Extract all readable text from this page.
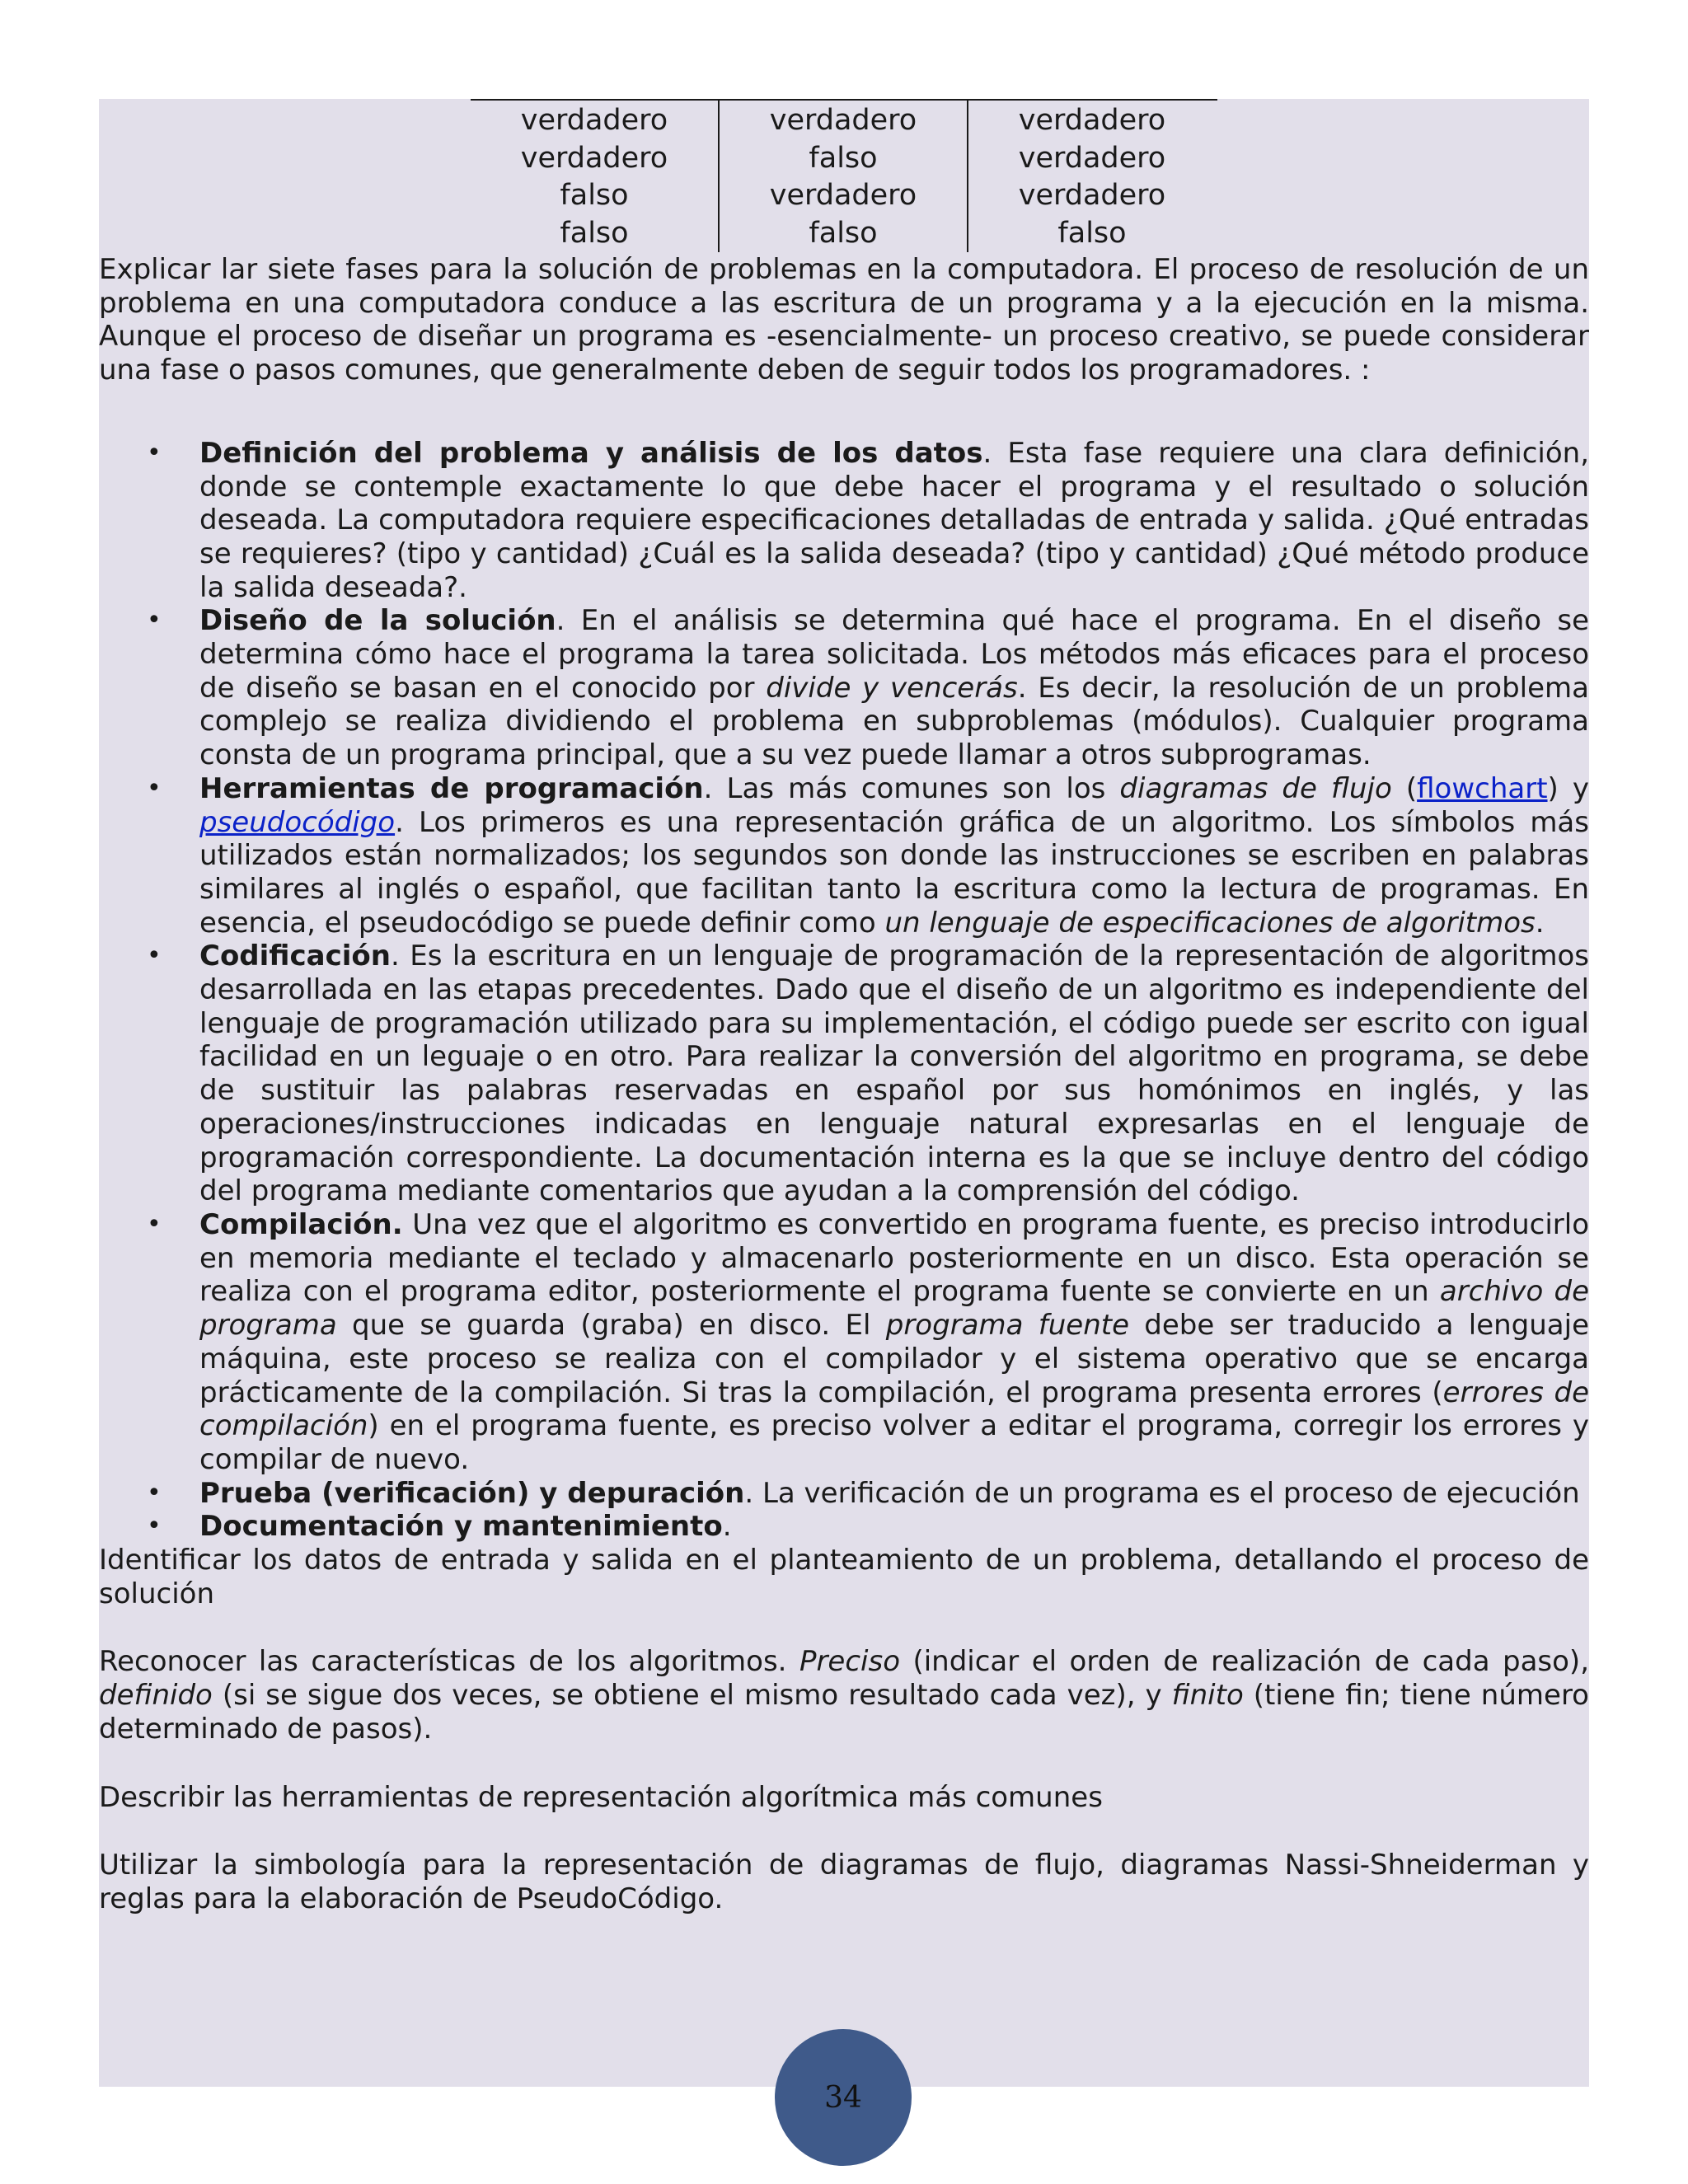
verdadero
verdadero
falso
falso
verdadero
falso
verdadero
falso
verdadero
verdadero
verdadero
falso

Explicar lar siete fases para la solución de problemas en la computadora. El proceso de resolución de un problema en una computadora conduce a las escritura de un programa y a la ejecución en la misma. Aunque el proceso de diseñar un programa es -esencialmente- un proceso creativo, se puede considerar una fase o pasos comunes, que generalmente deben de seguir todos los programadores. :

• Definición del problema y análisis de los datos. Esta fase requiere una clara definición, donde se contemple exactamente lo que debe hacer el programa y el resultado o solución deseada. La computadora requiere especificaciones detalladas de entrada y salida. ¿Qué entradas se requieres? (tipo y cantidad) ¿Cuál es la salida deseada? (tipo y cantidad) ¿Qué método produce la salida deseada?.
• Diseño de la solución. En el análisis se determina qué hace el programa. En el diseño se determina cómo hace el programa la tarea solicitada. Los métodos más eficaces para el proceso de diseño se basan en el conocido por divide y vencerás. Es decir, la resolución de un problema complejo se realiza dividiendo el problema en subproblemas (módulos). Cualquier programa consta de un programa principal, que a su vez puede llamar a otros subprogramas.
• Herramientas de programación. Las más comunes son los diagramas de flujo (flowchart) y pseudocódigo. Los primeros es una representación gráfica de un algoritmo. Los símbolos más utilizados están normalizados; los segundos son donde las instrucciones se escriben en palabras similares al inglés o español, que facilitan tanto la escritura como la lectura de programas. En esencia, el pseudocódigo se puede definir como un lenguaje de especificaciones de algoritmos.
• Codificación. Es la escritura en un lenguaje de programación de la representación de algoritmos desarrollada en las etapas precedentes. Dado que el diseño de un algoritmo es independiente del lenguaje de programación utilizado para su implementación, el código puede ser escrito con igual facilidad en un leguaje o en otro. Para realizar la conversión del algoritmo en programa, se debe de sustituir las palabras reservadas en español por sus homónimos en inglés, y las operaciones/instrucciones indicadas en lenguaje natural expresarlas en el lenguaje de programación correspondiente. La documentación interna es la que se incluye dentro del código del programa mediante comentarios que ayudan a la comprensión del código.
• Compilación. Una vez que el algoritmo es convertido en programa fuente, es preciso introducirlo en memoria mediante el teclado y almacenarlo posteriormente en un disco. Esta operación se realiza con el programa editor, posteriormente el programa fuente se convierte en un archivo de programa que se guarda (graba) en disco. El programa fuente debe ser traducido a lenguaje máquina, este proceso se realiza con el compilador y el sistema operativo que se encarga prácticamente de la compilación. Si tras la compilación, el programa presenta errores (errores de compilación) en el programa fuente, es preciso volver a editar el programa, corregir los errores y compilar de nuevo.
• Prueba (verificación) y depuración. La verificación de un programa es el proceso de ejecución
• Documentación y mantenimiento.

Identificar los datos de entrada y salida en el planteamiento de un problema, detallando el proceso de solución

Reconocer las características de los algoritmos. Preciso (indicar el orden de realización de cada paso), definido (si se sigue dos veces, se obtiene el mismo resultado cada vez), y finito (tiene fin; tiene número determinado de pasos).

Describir las herramientas de representación algorítmica más comunes

Utilizar la simbología para la representación de diagramas de flujo, diagramas Nassi-Shneiderman y reglas para la elaboración de PseudoCódigo.

34
